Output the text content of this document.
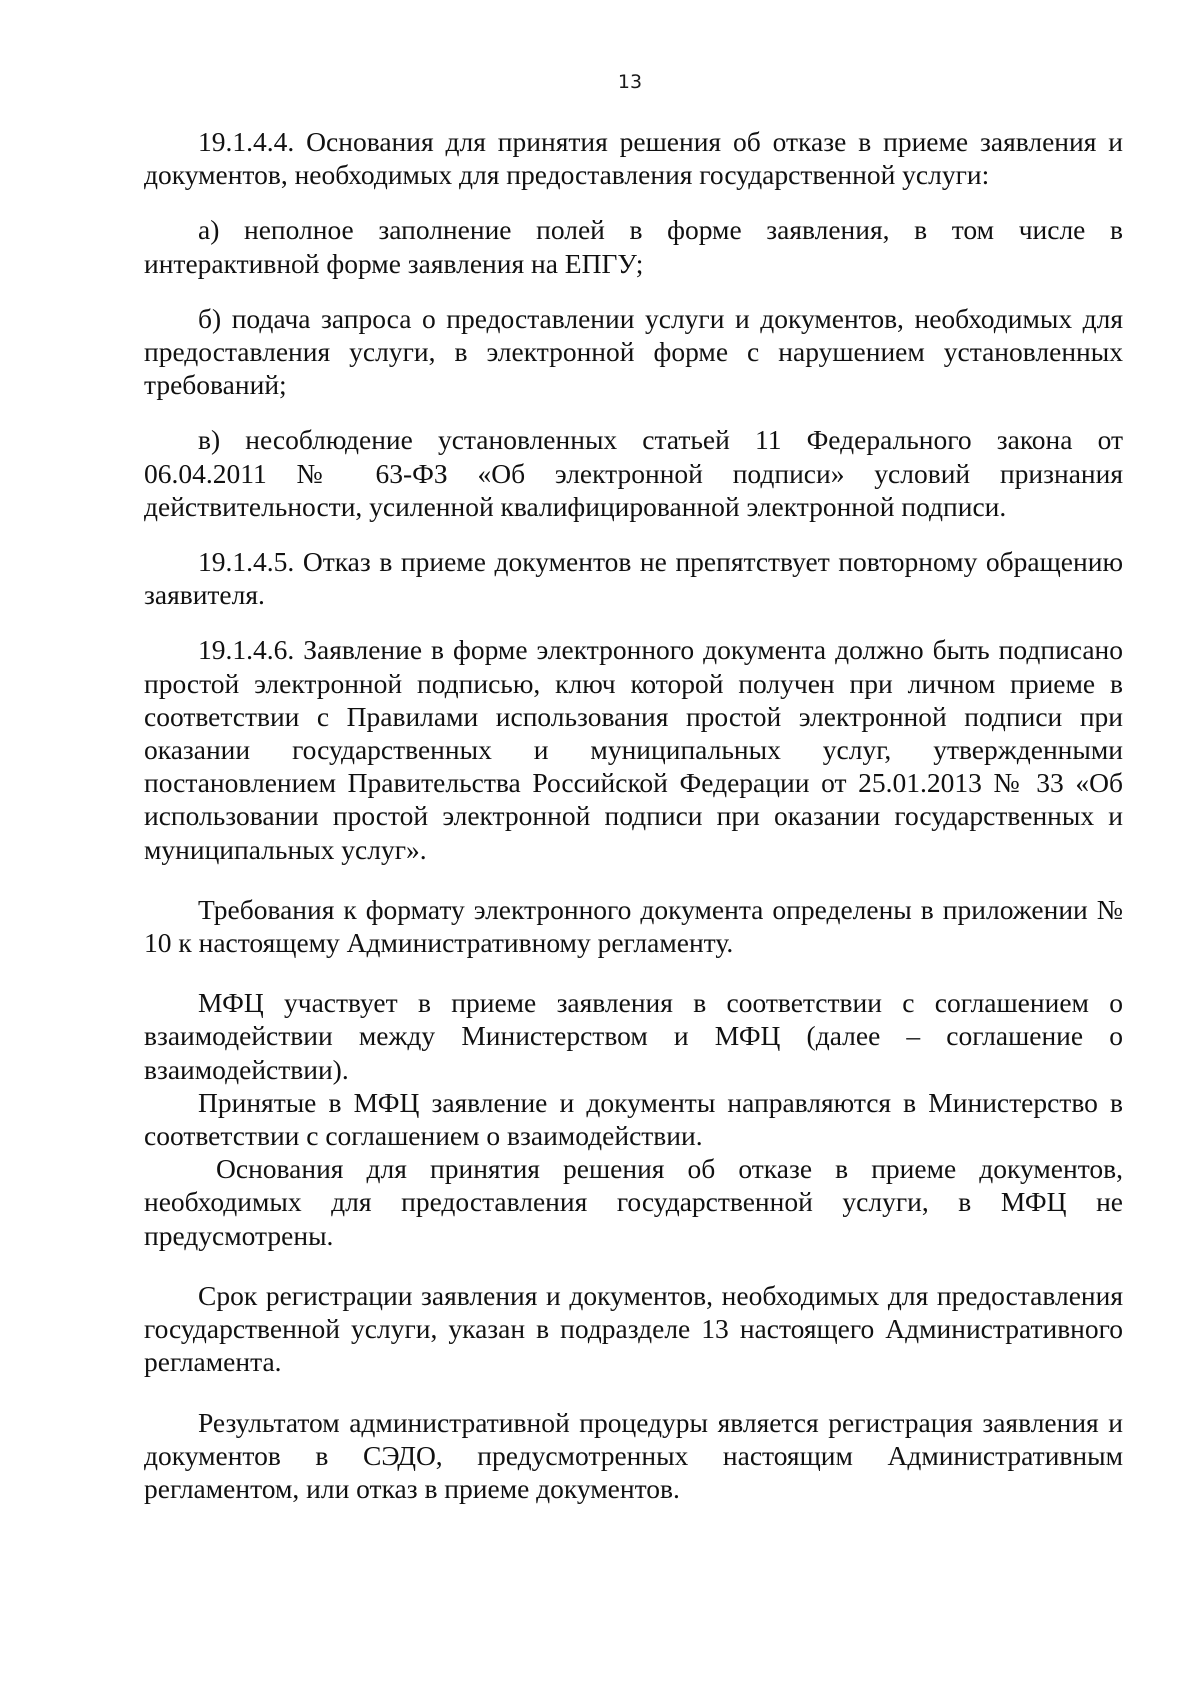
13

19.1.4.4. Основания для принятия решения об отказе в приеме заявления и документов, необходимых для предоставления государственной услуги:

а) неполное заполнение полей в форме заявления, в том числе в интерактивной форме заявления на ЕПГУ;

б) подача запроса о предоставлении услуги и документов, необходимых для предоставления услуги, в электронной форме с нарушением установленных требований;

в) несоблюдение установленных статьей 11 Федерального закона от 06.04.2011 № 63-ФЗ «Об электронной подписи» условий признания действительности, усиленной квалифицированной электронной подписи.

19.1.4.5. Отказ в приеме документов не препятствует повторному обращению заявителя.

19.1.4.6. Заявление в форме электронного документа должно быть подписано простой электронной подписью, ключ которой получен при личном приеме в соответствии с Правилами использования простой электронной подписи при оказании государственных и муниципальных услуг, утвержденными постановлением Правительства Российской Федерации от 25.01.2013 № 33 «Об использовании простой электронной подписи при оказании государственных и муниципальных услуг».

Требования к формату электронного документа определены в приложении № 10 к настоящему Административному регламенту.

МФЦ участвует в приеме заявления в соответствии с соглашением о взаимодействии между Министерством и МФЦ (далее – соглашение о взаимодействии).

Принятые в МФЦ заявление и документы направляются в Министерство в соответствии с соглашением о взаимодействии.

Основания для принятия решения об отказе в приеме документов, необходимых для предоставления государственной услуги, в МФЦ не предусмотрены.

Срок регистрации заявления и документов, необходимых для предоставления государственной услуги, указан в подразделе 13 настоящего Административного регламента.

Результатом административной процедуры является регистрация заявления и документов в СЭДО, предусмотренных настоящим Административным регламентом, или отказ в приеме документов.
